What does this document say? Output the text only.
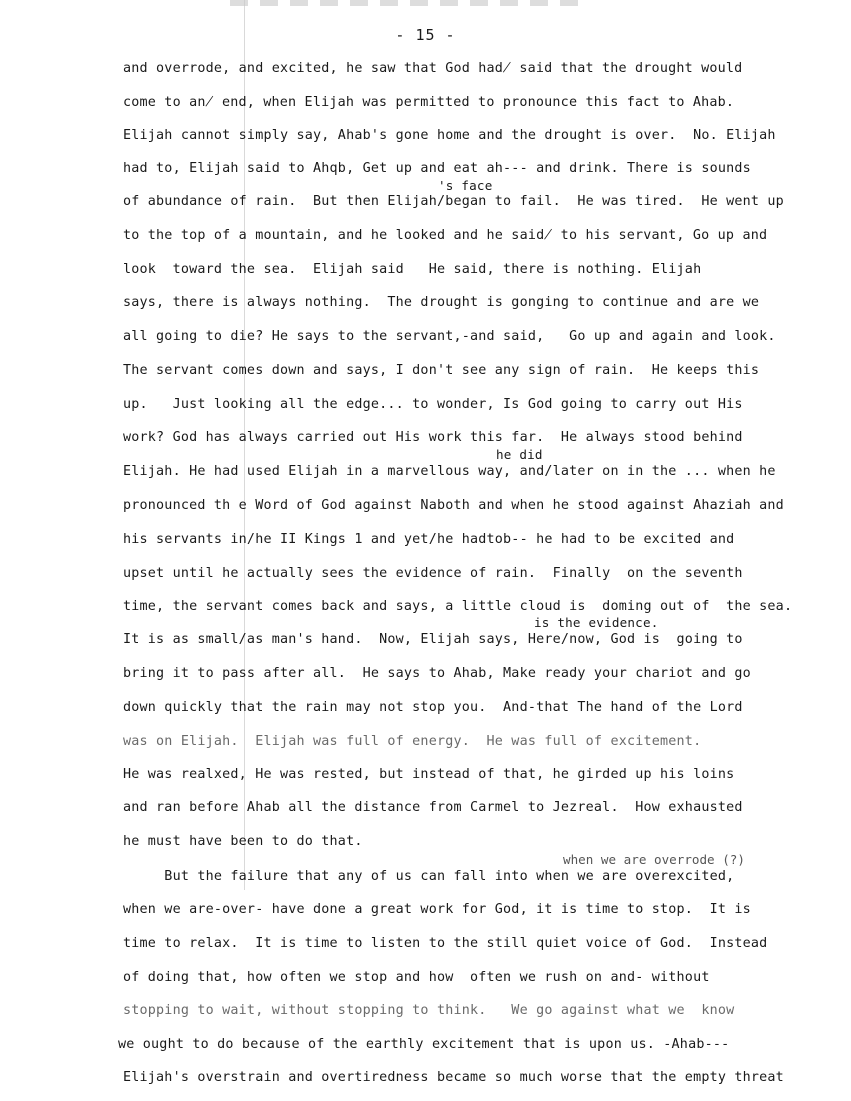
- 15 -
and overrode, and excited, he saw that God had̸ said that the drought would
come to an̸ end, when Elijah was permitted to pronounce this fact to Ahab.
Elijah cannot simply say, Ahab's gone home and the drought is over.  No. Elijah
had to, Elijah said to Ahqb, Get up and eat ah--- and drink. There is sounds
's face
of abundance of rain.  But then Elijah/began to fail.  He was tired.  He went up
to the top of a mountain, and he looked and he said̸ to his servant, Go up and
look  toward the sea.  Elijah said   He said, there is nothing. Elijah
says, there is always nothing.  The drought is gonging to continue and are we
all going to die? He says to the servant,-and said,   Go up and again and look.
The servant comes down and says, I don't see any sign of rain.  He keeps this
up.   Just looking all the edge... to wonder, Is God going to carry out His
work? God has always carried out His work this far.  He always stood behind
he did
Elijah. He had used Elijah in a marvellous way, and/later on in the ... when he
pronounced th e Word of God against Naboth and when he stood against Ahaziah and
his servants in/he II Kings 1 and yet/he hadtob-- he had to be excited and
upset until he actually sees the evidence of rain.  Finally  on the seventh
time, the servant comes back and says, a little cloud is  doming out of  the sea.
is the evidence.
It is as small/as man's hand.  Now, Elijah says, Here/now, God is  going to
bring it to pass after all.  He says to Ahab, Make ready your chariot and go
down quickly that the rain may not stop you.  And-that The hand of the Lord
was on Elijah.  Elijah was full of energy.  He was full of excitement.
He was realxed, He was rested, but instead of that, he girded up his loins
and ran before Ahab all the distance from Carmel to Jezreal.  How exhausted
he must have been to do that.
when we are overrode (?)
But the failure that any of us can fall into when we are overexcited,
when we are-over- have done a great work for God, it is time to stop.  It is
time to relax.  It is time to listen to the still quiet voice of God.  Instead
of doing that, how often we stop and how  often we rush on and- without
stopping to wait, without stopping to think.   We go against what we  know
we ought to do because of the earthly excitement that is upon us. -Ahab---
Elijah's overstrain and overtiredness became so much worse that the empty threat
